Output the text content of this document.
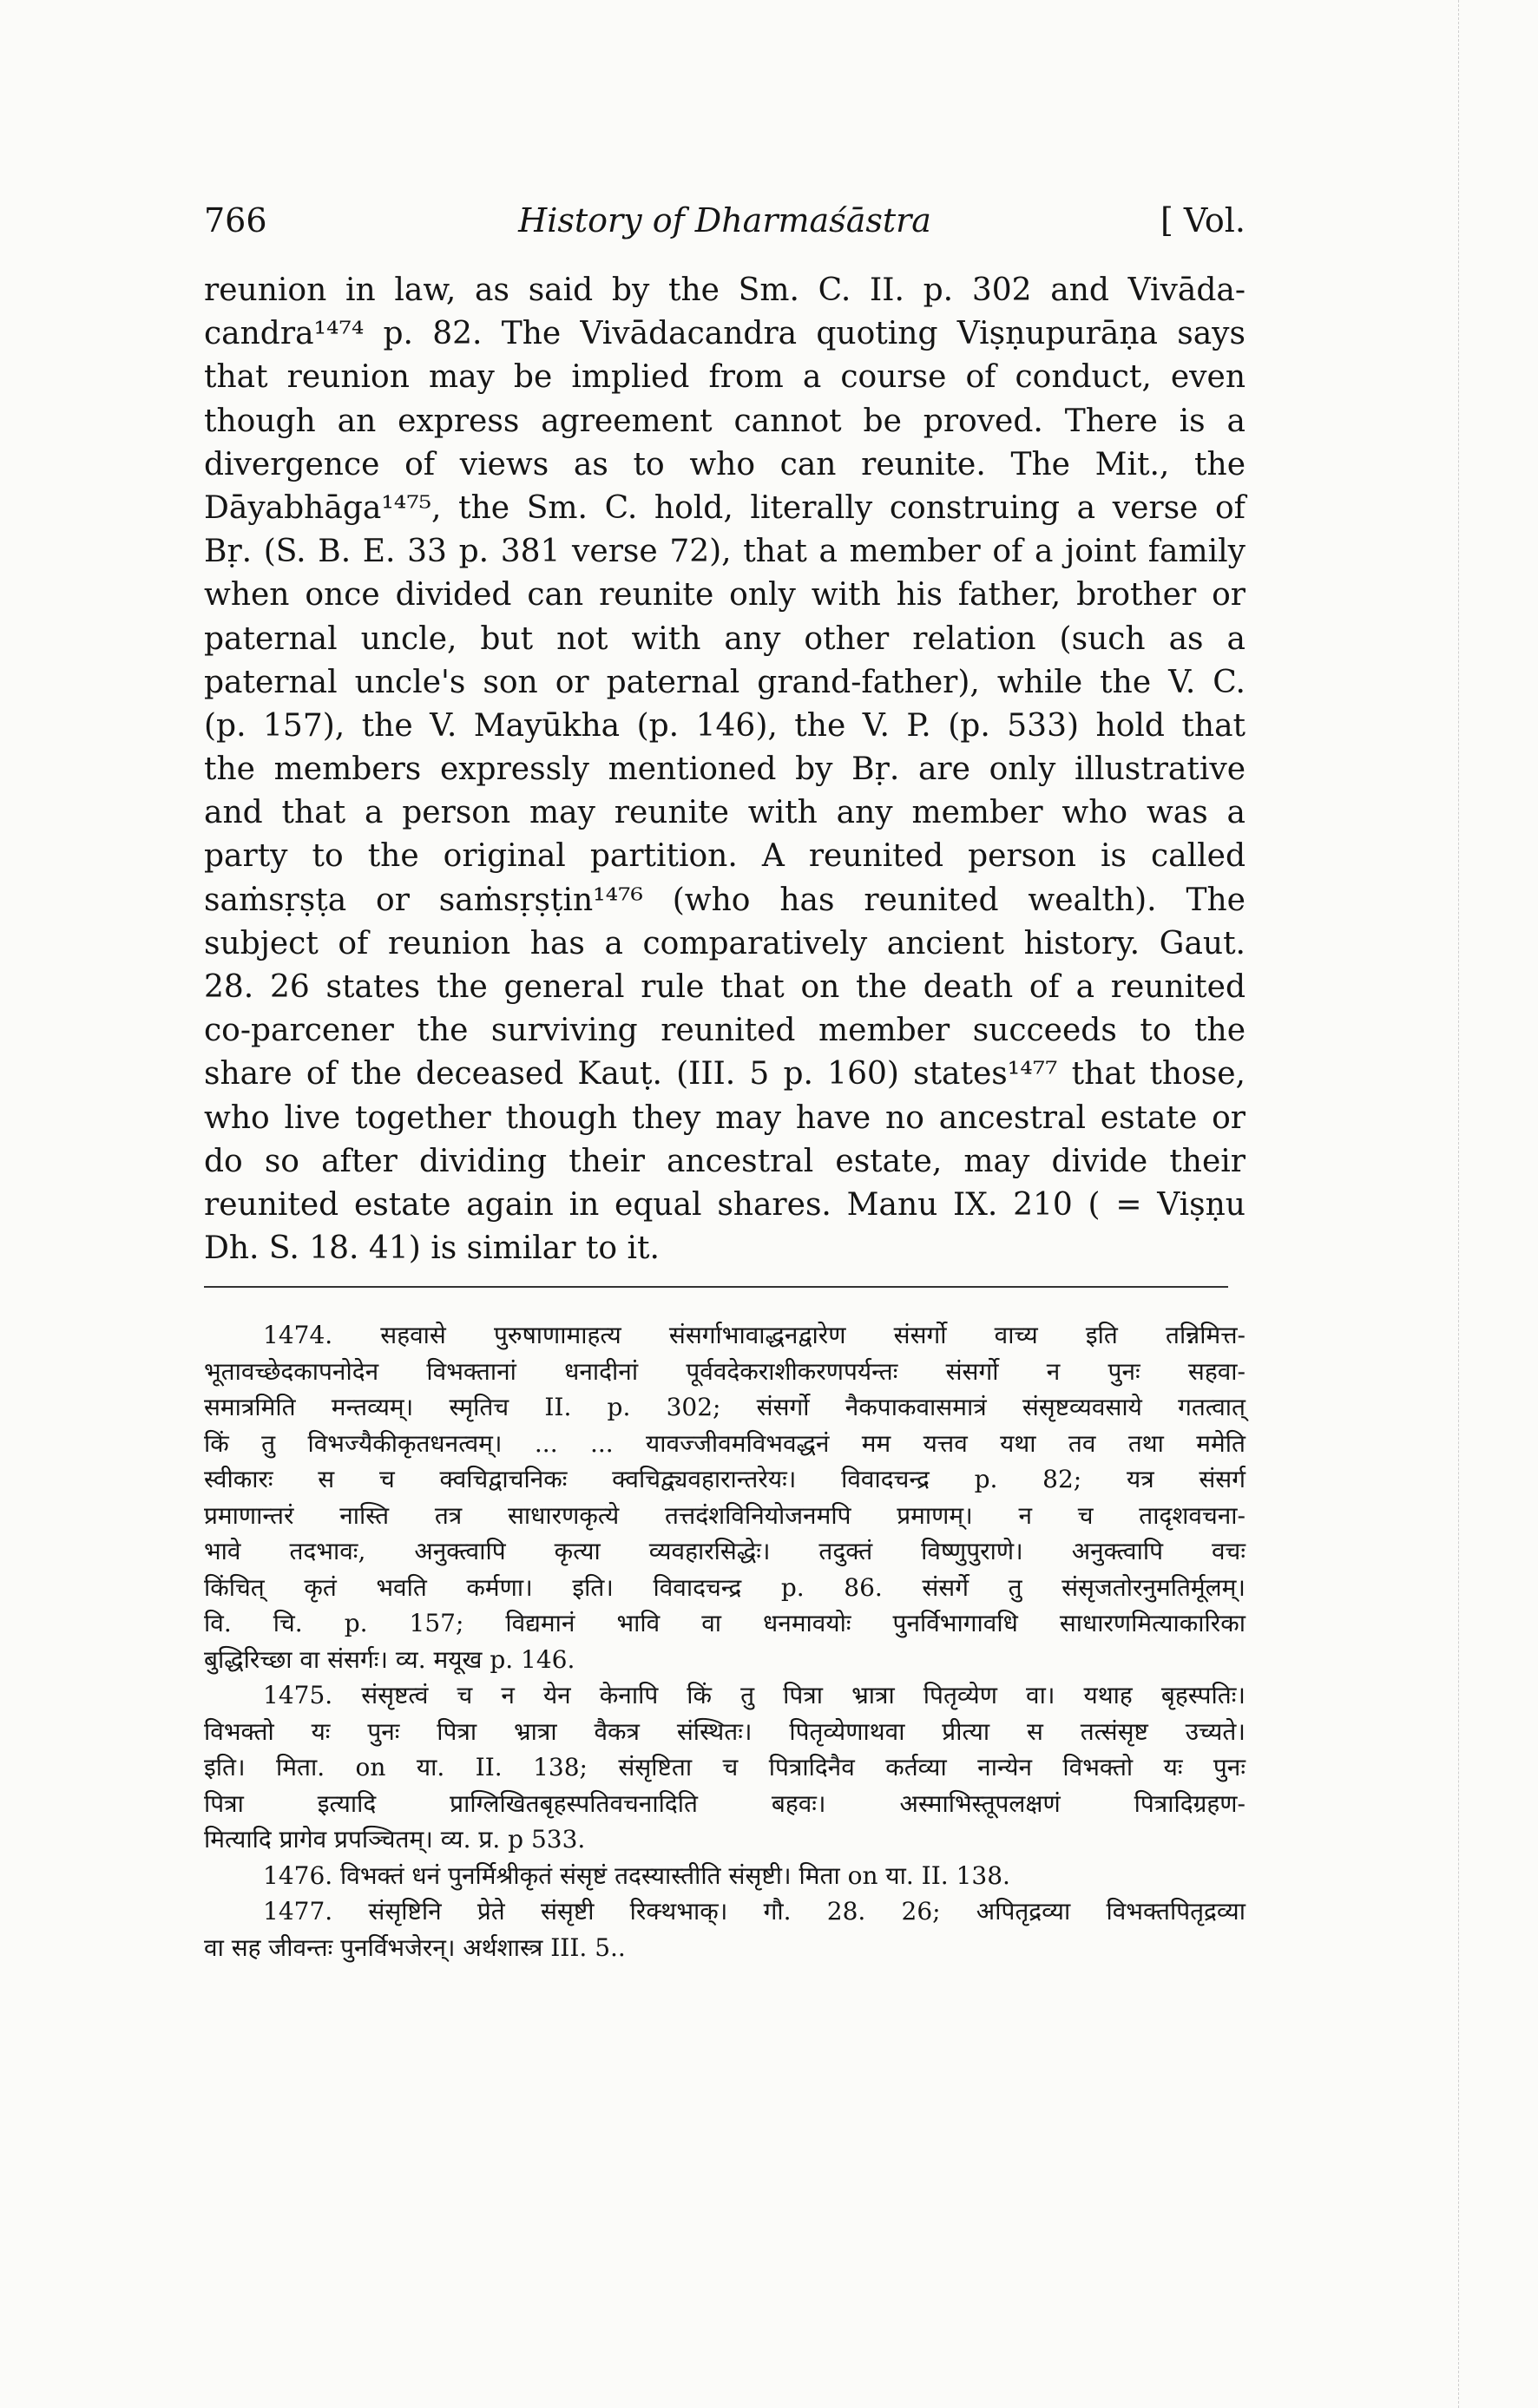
History of Dharmaśāstra
766	[ Vol.
reunion in law, as said by the Sm. C. II. p. 302 and Vivāda-
candra¹⁴⁷⁴ p. 82. The Vivādacandra quoting Viṣṇupurāṇa says
that reunion may be implied from a course of conduct, even
though an express agreement cannot be proved. There is a
divergence of views as to who can reunite. The Mit., the
Dāyabhāga¹⁴⁷⁵, the Sm. C. hold, literally construing a verse of
Bṛ. (S. B. E. 33 p. 381 verse 72), that a member of a joint family
when once divided can reunite only with his father, brother or
paternal uncle, but not with any other relation (such as a
paternal uncle's son or paternal grand-father), while the V. C.
(p. 157), the V. Mayūkha (p. 146), the V. P. (p. 533) hold that
the members expressly mentioned by Bṛ. are only illustrative
and that a person may reunite with any member who was a
party to the original partition. A reunited person is called
saṁsṛṣṭa or saṁsṛṣṭin¹⁴⁷⁶ (who has reunited wealth). The
subject of reunion has a comparatively ancient history. Gaut.
28. 26 states the general rule that on the death of a reunited
co-parcener the surviving reunited member succeeds to the
share of the deceased Kauṭ. (III. 5 p. 160) states¹⁴⁷⁷ that those,
who live together though they may have no ancestral estate or
do so after dividing their ancestral estate, may divide their
reunited estate again in equal shares. Manu IX. 210 ( = Viṣṇu
Dh. S. 18. 41) is similar to it.
1474. सहवासे पुरुषाणामाहत्य संसर्गाभावाद्धनद्वारेण संसर्गो वाच्य इति तन्निमित्त-
भूतावच्छेदकापनोदेन विभक्तानां धनादीनां पूर्ववदेकराशीकरणपर्यन्तः संसर्गो न पुनः सहवा-
समात्रमिति मन्तव्यम्। स्मृतिच II. p. 302; संसर्गो नैकपाकवासमात्रं संसृष्टव्यवसाये गतत्वात्
किं तु विभज्यैकीकृतधनत्वम्। ... ... यावज्जीवमविभवद्धनं मम यत्तव यथा तव तथा ममेति
स्वीकारः स च क्वचिद्वाचनिकः क्वचिद्व्यवहारान्तरेयः। विवादचन्द्र p. 82; यत्र संसर्ग
प्रमाणान्तरं नास्ति तत्र साधारणकृत्ये तत्तदंशविनियोजनमपि प्रमाणम्। न च तादृशवचना-
भावे तदभावः, अनुक्त्वापि कृत्या व्यवहारसिद्धेः। तदुक्तं विष्णुपुराणे। अनुक्त्वापि वचः
किंचित् कृतं भवति कर्मणा। इति। विवादचन्द्र p. 86. संसर्गे तु संसृजतोरनुमतिर्मूलम्।
वि. चि. p. 157; विद्यमानं भावि वा धनमावयोः पुनर्विभागावधि साधारणमित्याकारिका
बुद्धिरिच्छा वा संसर्गः। व्य. मयूख p. 146.
1475. संसृष्टत्वं च न येन केनापि किं तु पित्रा भ्रात्रा पितृव्येण वा। यथाह बृहस्पतिः।
विभक्तो यः पुनः पित्रा भ्रात्रा वैकत्र संस्थितः। पितृव्येणाथवा प्रीत्या स तत्संसृष्ट उच्यते।
इति। मिता. on या. II. 138; संसृष्टिता च पित्रादिनैव कर्तव्या नान्येन विभक्तो यः पुनः
पित्रा इत्यादि प्राग्लिखितबृहस्पतिवचनादिति बहवः। अस्माभिस्तूपलक्षणं पित्रादिग्रहण-
मित्यादि प्रागेव प्रपञ्चितम्। व्य. प्र. p 533.
1476. विभक्तं धनं पुनर्मिश्रीकृतं संसृष्टं तदस्यास्तीति संसृष्टी। मिता on या. II. 138.
1477. संसृष्टिनि प्रेते संसृष्टी रिक्थभाक्। गौ. 28. 26; अपितृद्रव्या विभक्तपितृद्रव्या
वा सह जीवन्तः पुनर्विभजेरन्। अर्थशास्त्र III. 5..
